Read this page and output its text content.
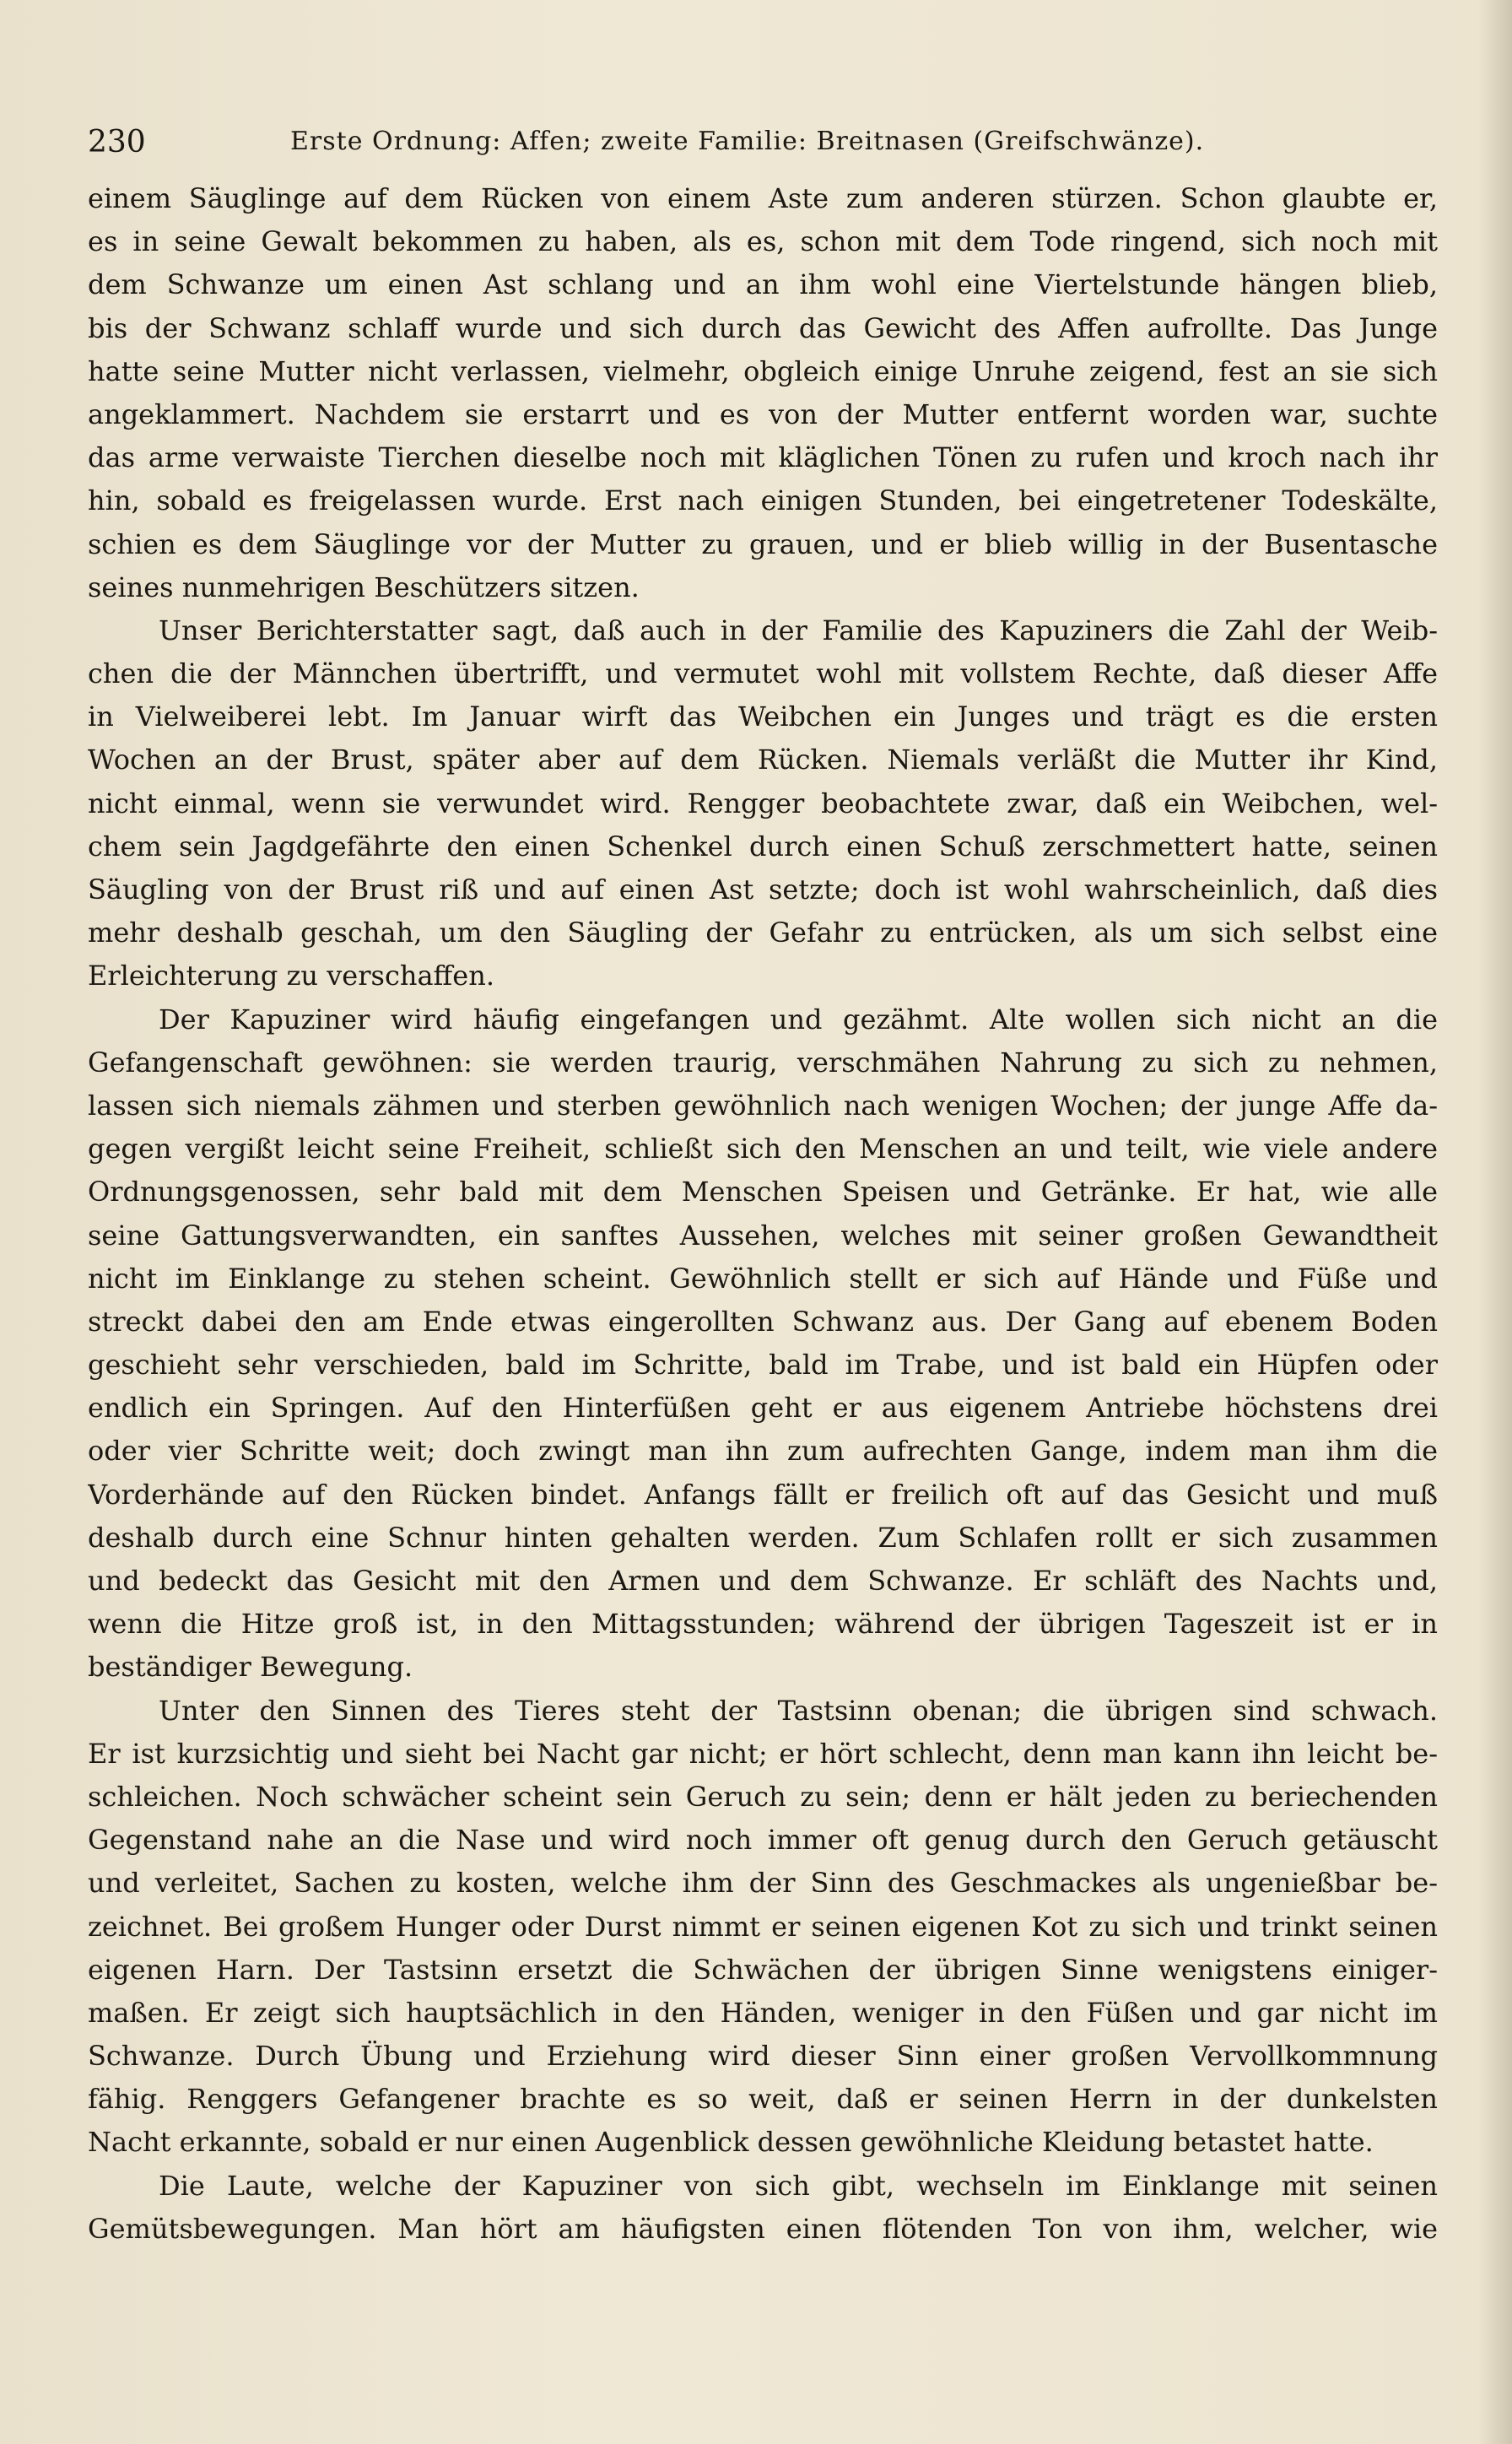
230	Erste Ordnung: Affen; zweite Familie: Breitnasen (Greifschwänze).
einem Säuglinge auf dem Rücken von einem Aste zum anderen stürzen. Schon glaubte er,
es in seine Gewalt bekommen zu haben, als es, schon mit dem Tode ringend, sich noch mit
dem Schwanze um einen Ast schlang und an ihm wohl eine Viertelstunde hängen blieb,
bis der Schwanz schlaff wurde und sich durch das Gewicht des Affen aufrollte. Das Junge
hatte seine Mutter nicht verlassen, vielmehr, obgleich einige Unruhe zeigend, fest an sie sich
angeklammert. Nachdem sie erstarrt und es von der Mutter entfernt worden war, suchte
das arme verwaiste Tierchen dieselbe noch mit kläglichen Tönen zu rufen und kroch nach ihr
hin, sobald es freigelassen wurde. Erst nach einigen Stunden, bei eingetretener Todeskälte,
schien es dem Säuglinge vor der Mutter zu grauen, und er blieb willig in der Busentasche
seines nunmehrigen Beschützers sitzen.
Unser Berichterstatter sagt, daß auch in der Familie des Kapuziners die Zahl der Weib-
chen die der Männchen übertrifft, und vermutet wohl mit vollstem Rechte, daß dieser Affe
in Vielweiberei lebt. Im Januar wirft das Weibchen ein Junges und trägt es die ersten
Wochen an der Brust, später aber auf dem Rücken. Niemals verläßt die Mutter ihr Kind,
nicht einmal, wenn sie verwundet wird. Rengger beobachtete zwar, daß ein Weibchen, wel-
chem sein Jagdgefährte den einen Schenkel durch einen Schuß zerschmettert hatte, seinen
Säugling von der Brust riß und auf einen Ast setzte; doch ist wohl wahrscheinlich, daß dies
mehr deshalb geschah, um den Säugling der Gefahr zu entrücken, als um sich selbst eine
Erleichterung zu verschaffen.
Der Kapuziner wird häufig eingefangen und gezähmt. Alte wollen sich nicht an die
Gefangenschaft gewöhnen: sie werden traurig, verschmähen Nahrung zu sich zu nehmen,
lassen sich niemals zähmen und sterben gewöhnlich nach wenigen Wochen; der junge Affe da-
gegen vergißt leicht seine Freiheit, schließt sich den Menschen an und teilt, wie viele andere
Ordnungsgenossen, sehr bald mit dem Menschen Speisen und Getränke. Er hat, wie alle
seine Gattungsverwandten, ein sanftes Aussehen, welches mit seiner großen Gewandtheit
nicht im Einklange zu stehen scheint. Gewöhnlich stellt er sich auf Hände und Füße und
streckt dabei den am Ende etwas eingerollten Schwanz aus. Der Gang auf ebenem Boden
geschieht sehr verschieden, bald im Schritte, bald im Trabe, und ist bald ein Hüpfen oder
endlich ein Springen. Auf den Hinterfüßen geht er aus eigenem Antriebe höchstens drei
oder vier Schritte weit; doch zwingt man ihn zum aufrechten Gange, indem man ihm die
Vorderhände auf den Rücken bindet. Anfangs fällt er freilich oft auf das Gesicht und muß
deshalb durch eine Schnur hinten gehalten werden. Zum Schlafen rollt er sich zusammen
und bedeckt das Gesicht mit den Armen und dem Schwanze. Er schläft des Nachts und,
wenn die Hitze groß ist, in den Mittagsstunden; während der übrigen Tageszeit ist er in
beständiger Bewegung.
Unter den Sinnen des Tieres steht der Tastsinn obenan; die übrigen sind schwach.
Er ist kurzsichtig und sieht bei Nacht gar nicht; er hört schlecht, denn man kann ihn leicht be-
schleichen. Noch schwächer scheint sein Geruch zu sein; denn er hält jeden zu beriechenden
Gegenstand nahe an die Nase und wird noch immer oft genug durch den Geruch getäuscht
und verleitet, Sachen zu kosten, welche ihm der Sinn des Geschmackes als ungenießbar be-
zeichnet. Bei großem Hunger oder Durst nimmt er seinen eigenen Kot zu sich und trinkt seinen
eigenen Harn. Der Tastsinn ersetzt die Schwächen der übrigen Sinne wenigstens einiger-
maßen. Er zeigt sich hauptsächlich in den Händen, weniger in den Füßen und gar nicht im
Schwanze. Durch Übung und Erziehung wird dieser Sinn einer großen Vervollkommnung
fähig. Renggers Gefangener brachte es so weit, daß er seinen Herrn in der dunkelsten
Nacht erkannte, sobald er nur einen Augenblick dessen gewöhnliche Kleidung betastet hatte.
Die Laute, welche der Kapuziner von sich gibt, wechseln im Einklange mit seinen
Gemütsbewegungen. Man hört am häufigsten einen flötenden Ton von ihm, welcher, wie
